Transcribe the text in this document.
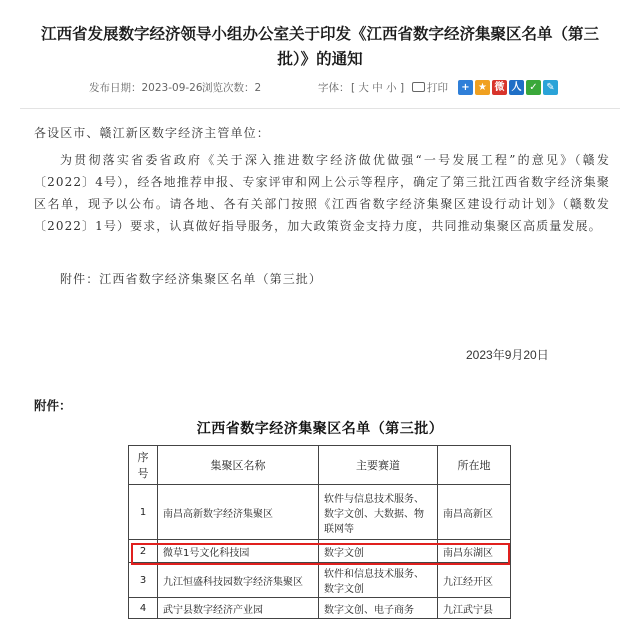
江西省发展数字经济领导小组办公室关于印发《江西省数字经济集聚区名单（第三批）》的通知
发布日期：2023-09-26 浏览次数：2	字体： [ 大 中 小 ]	打印	+ ★ 微 人 ✓ ✎
各设区市、赣江新区数字经济主管单位：
为贯彻落实省委省政府《关于深入推进数字经济做优做强“一号发展工程”的意见》（赣发〔2022〕4号），经各地推荐申报、专家评审和网上公示等程序，确定了第三批江西省数字经济集聚区名单，现予以公布。请各地、各有关部门按照《江西省数字经济集聚区建设行动计划》（赣数发〔2022〕1号）要求，认真做好指导服务，加大政策资金支持力度，共同推动集聚区高质量发展。
附件：江西省数字经济集聚区名单（第三批）
2023年9月20日
附件：
江西省数字经济集聚区名单（第三批）
序号	集聚区名称	主要赛道	所在地
1	南昌高新数字经济集聚区	软件与信息技术服务、数字文创、大数据、物联网等	南昌高新区
2	微草1号文化科技园	数字文创	南昌东湖区
3	九江恒盛科技园数字经济集聚区	软件和信息技术服务、数字文创	九江经开区
4	武宁县数字经济产业园	数字文创、电子商务	九江武宁县
